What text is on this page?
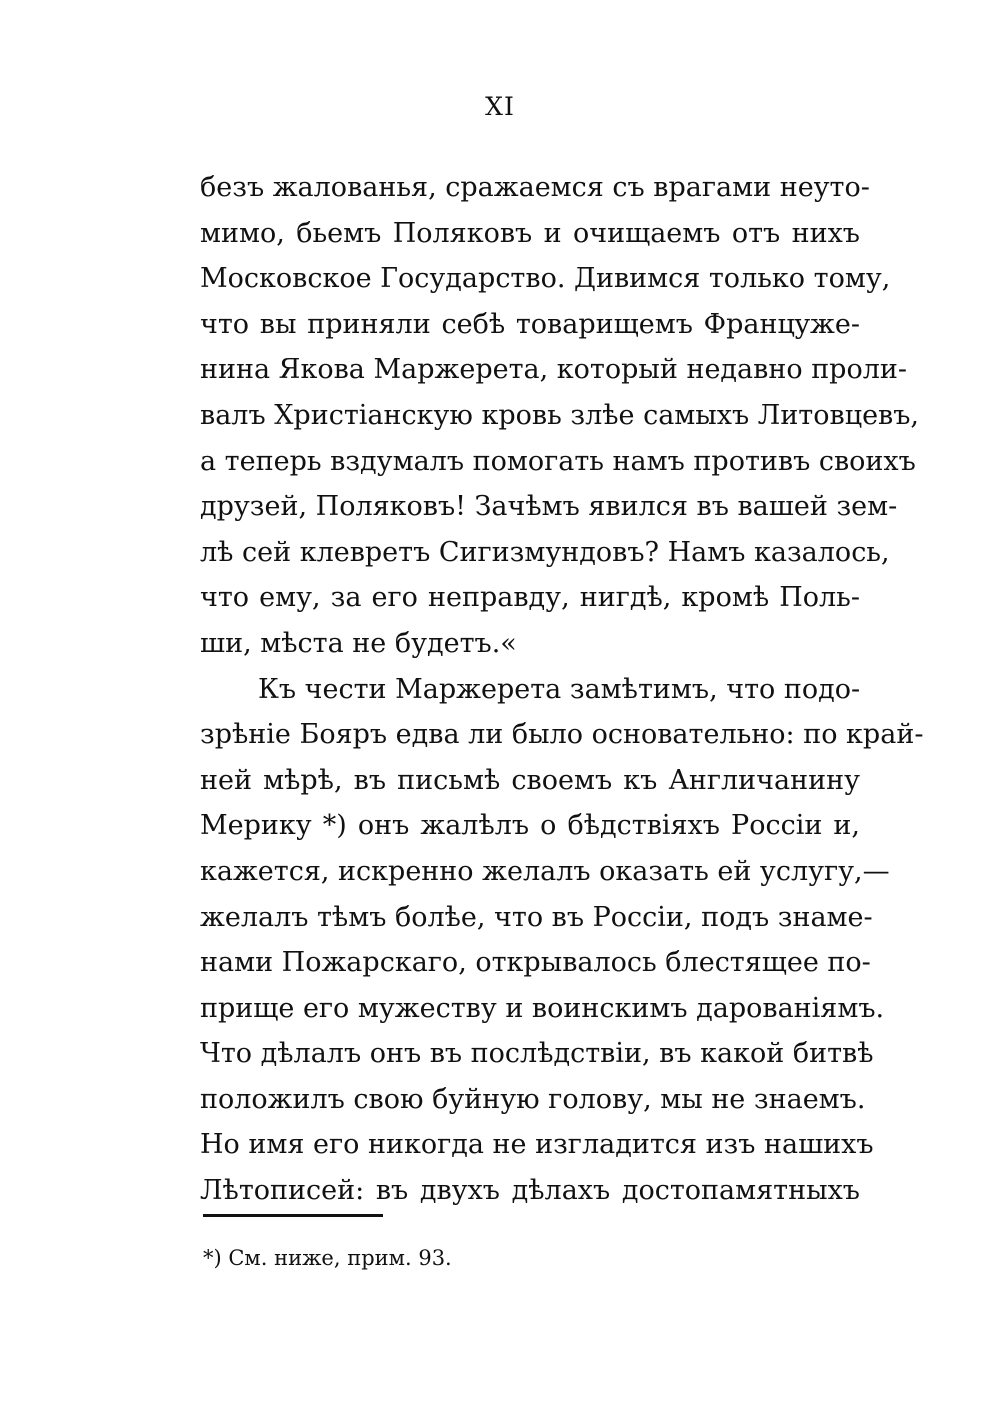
XI
безъ жалованья, сражаемся съ врагами неуто-
мимо, бьемъ Поляковъ и очищаемъ отъ нихъ
Московское Государство. Дивимся только тому,
что вы приняли себѣ товарищемъ Францyже-
нина Якова Маржерета, который недавно проли-
валъ Христіанскую кровь злѣе самыхъ Литовцевъ,
а теперь вздумалъ помогать намъ противъ своихъ
друзей, Поляковъ! Зачѣмъ явился въ вашей зем-
лѣ сей клевретъ Сигизмундовъ? Намъ казалось,
что ему, за его неправду, нигдѣ, кромѣ Поль-
ши, мѣста не будетъ.«
Къ чести Маржерета замѣтимъ, что подо-
зрѣніе Бояръ едва ли было основательно: по край-
ней мѣрѣ, въ письмѣ своемъ къ Англичанину
Мерику *) онъ жалѣлъ о бѣдствіяхъ Россіи и,
кажется, искренно желалъ оказать ей услугу,—
желалъ тѣмъ болѣе, что въ Россіи, подъ знаме-
нами Пожарскаго, открывалось блестящее по-
прище его мужеству и воинскимъ дарованіямъ.
Что дѣлалъ онъ въ послѣдствіи, въ какой битвѣ
положилъ свою буйную голову, мы не знаемъ.
Но имя его никогда не изгладится изъ нашихъ
Лѣтописей: въ двухъ дѣлахъ достопамятныхъ
*) См. ниже, прим. 93.
